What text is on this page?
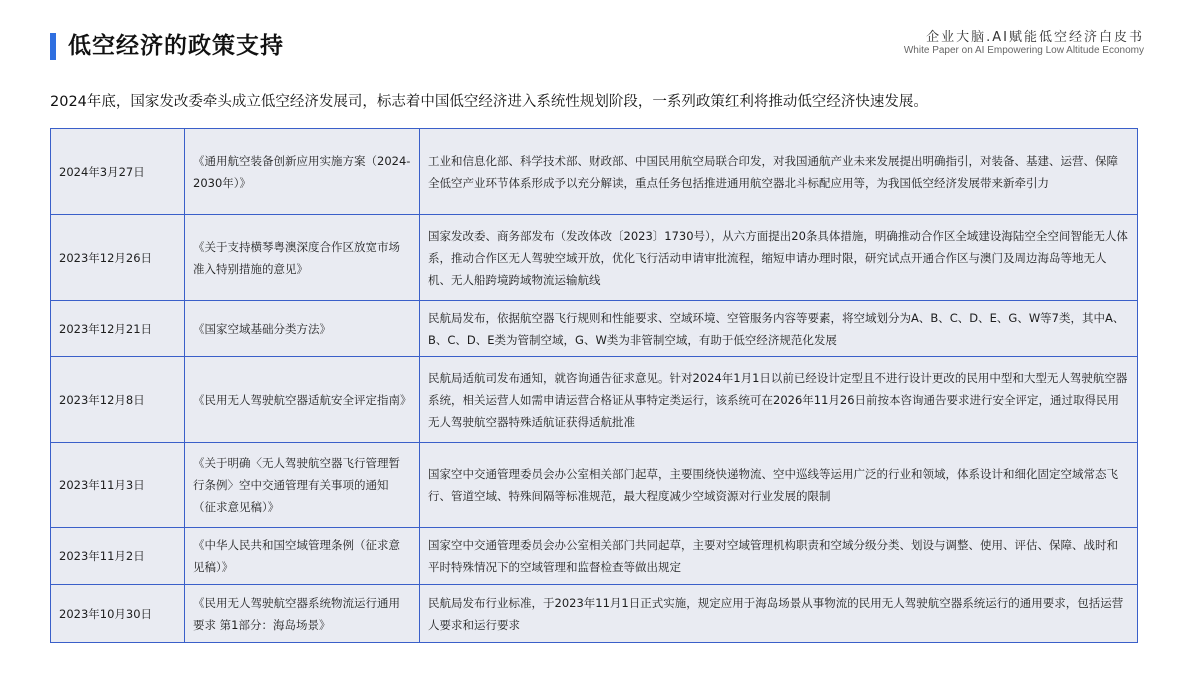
低空经济的政策支持	企业大脑.AI赋能低空经济白皮书
White Paper on AI Empowering Low Altitude Economy
2024年底，国家发改委牵头成立低空经济发展司，标志着中国低空经济进入系统性规划阶段，一系列政策红利将推动低空经济快速发展。
2024年3月27日	《通用航空装备创新应用实施方案（2024-2030年）》	工业和信息化部、科学技术部、财政部、中国民用航空局联合印发，对我国通航产业未来发展提出明确指引，对装备、基建、运营、保障全低空产业环节体系形成予以充分解读，重点任务包括推进通用航空器北斗标配应用等，为我国低空经济发展带来新牵引力
2023年12月26日	《关于支持横琴粤澳深度合作区放宽市场准入特别措施的意见》	国家发改委、商务部发布（发改体改〔2023〕1730号），从六方面提出20条具体措施，明确推动合作区全域建设海陆空全空间智能无人体系，推动合作区无人驾驶空域开放，优化飞行活动申请审批流程，缩短申请办理时限，研究试点开通合作区与澳门及周边海岛等地无人机、无人船跨境跨域物流运输航线
2023年12月21日	《国家空域基础分类方法》	民航局发布，依据航空器飞行规则和性能要求、空域环境、空管服务内容等要素，将空域划分为A、B、C、D、E、G、W等7类，其中A、B、C、D、E类为管制空域，G、W类为非管制空域，有助于低空经济规范化发展
2023年12月8日	《民用无人驾驶航空器适航安全评定指南》	民航局适航司发布通知，就咨询通告征求意见。针对2024年1月1日以前已经设计定型且不进行设计更改的民用中型和大型无人驾驶航空器系统，相关运营人如需申请运营合格证从事特定类运行，该系统可在2026年11月26日前按本咨询通告要求进行安全评定，通过取得民用无人驾驶航空器特殊适航证获得适航批准
2023年11月3日	《关于明确〈无人驾驶航空器飞行管理暂行条例〉空中交通管理有关事项的通知（征求意见稿）》	国家空中交通管理委员会办公室相关部门起草，主要围绕快递物流、空中巡线等运用广泛的行业和领域，体系设计和细化固定空域常态飞行、管道空域、特殊间隔等标准规范，最大程度减少空域资源对行业发展的限制
2023年11月2日	《中华人民共和国空域管理条例（征求意见稿）》	国家空中交通管理委员会办公室相关部门共同起草，主要对空域管理机构职责和空域分级分类、划设与调整、使用、评估、保障、战时和平时特殊情况下的空域管理和监督检查等做出规定
2023年10月30日	《民用无人驾驶航空器系统物流运行通用要求 第1部分：海岛场景》	民航局发布行业标准，于2023年11月1日正式实施，规定应用于海岛场景从事物流的民用无人驾驶航空器系统运行的通用要求，包括运营人要求和运行要求
